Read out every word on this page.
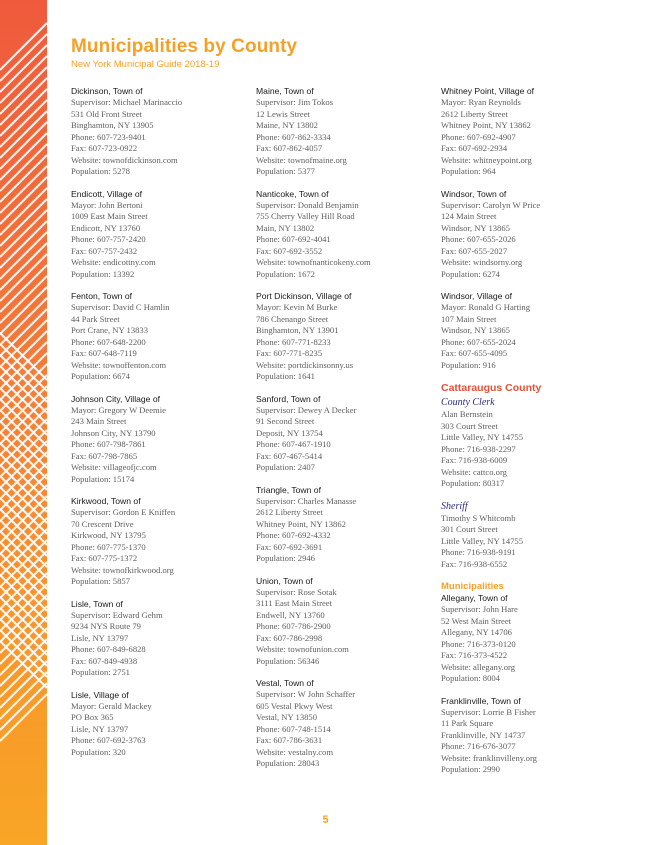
Municipalities by County
New York Municipal Guide 2018-19
Dickinson, Town of
Supervisor: Michael Marinaccio
531 Old Front Street
Binghamton, NY 13905
Phone: 607-723-9401
Fax: 607-723-0922
Website: townofdickinson.com
Population: 5278
Endicott, Village of
Mayor: John Bertoni
1009 East Main Street
Endicott, NY 13760
Phone: 607-757-2420
Fax: 607-757-2432
Website: endicottny.com
Population: 13392
Fenton, Town of
Supervisor: David C Hamlin
44 Park Street
Port Crane, NY 13833
Phone: 607-648-2200
Fax: 607-648-7119
Website: townoffenton.com
Population: 6674
Johnson City, Village of
Mayor: Gregory W Deemie
243 Main Street
Johnson City, NY 13790
Phone: 607-798-7861
Fax: 607-798-7865
Website: villageofjc.com
Population: 15174
Kirkwood, Town of
Supervisor: Gordon E Kniffen
70 Crescent Drive
Kirkwood, NY 13795
Phone: 607-775-1370
Fax: 607-775-1372
Website: townofkirkwood.org
Population: 5857
Lisle, Town of
Supervisor: Edward Gehm
9234 NYS Route 79
Lisle, NY 13797
Phone: 607-849-6828
Fax: 607-849-4938
Population: 2751
Lisle, Village of
Mayor: Gerald Mackey
PO Box 365
Lisle, NY 13797
Phone: 607-692-3763
Population: 320
Maine, Town of
Supervisor: Jim Tokos
12 Lewis Street
Maine, NY 13802
Phone: 607-862-3334
Fax: 607-862-4057
Website: townofmaine.org
Population: 5377
Nanticoke, Town of
Supervisor: Donald Benjamin
755 Cherry Valley Hill Road
Main, NY 13802
Phone: 607-692-4041
Fax: 607-692-3552
Website: townofnanticokeny.com
Population: 1672
Port Dickinson, Village of
Mayor: Kevin M Burke
786 Chenango Street
Binghamton, NY 13901
Phone: 607-771-8233
Fax: 607-771-8235
Website: portdickinsonny.us
Population: 1641
Sanford, Town of
Supervisor: Dewey A Decker
91 Second Street
Deposit, NY 13754
Phone: 607-467-1910
Fax: 607-467-5414
Population: 2407
Triangle, Town of
Supervisor: Charles Manasse
2612 Liberty Street
Whitney Point, NY 13862
Phone: 607-692-4332
Fax: 607-692-3691
Population: 2946
Union, Town of
Supervisor: Rose Sotak
3111 East Main Street
Endwell, NY 13760
Phone: 607-786-2900
Fax: 607-786-2998
Website: townofunion.com
Population: 56346
Vestal, Town of
Supervisor: W John Schaffer
605 Vestal Pkwy West
Vestal, NY 13850
Phone: 607-748-1514
Fax: 607-786-3631
Website: vestalny.com
Population: 28043
Whitney Point, Village of
Mayor: Ryan Reynolds
2612 Liberty Street
Whitney Point, NY 13862
Phone: 607-692-4907
Fax: 607-692-2934
Website: whitneypoint.org
Population: 964
Windsor, Town of
Supervisor: Carolyn W Price
124 Main Street
Windsor, NY 13865
Phone: 607-655-2026
Fax: 607-655-2027
Website: windsorny.org
Population: 6274
Windsor, Village of
Mayor: Ronald G Harting
107 Main Street
Windsor, NY 13865
Phone: 607-655-2024
Fax: 607-655-4095
Population: 916
Cattaraugus County
County Clerk
Alan Bernstein
303 Court Street
Little Valley, NY 14755
Phone: 716-938-2297
Fax: 716-938-6009
Website: cattco.org
Population: 80317
Sheriff
Timothy S Whitcomb
301 Court Street
Little Valley, NY 14755
Phone: 716-938-9191
Fax: 716-938-6552
Municipalities
Allegany, Town of
Supervisor: John Hare
52 West Main Street
Allegany, NY 14706
Phone: 716-373-0120
Fax: 716-373-4522
Website: allegany.org
Population: 8004
Franklinville, Town of
Supervisor: Lorrie B Fisher
11 Park Square
Franklinville, NY 14737
Phone: 716-676-3077
Website: franklinvilleny.org
Population: 2990
5
